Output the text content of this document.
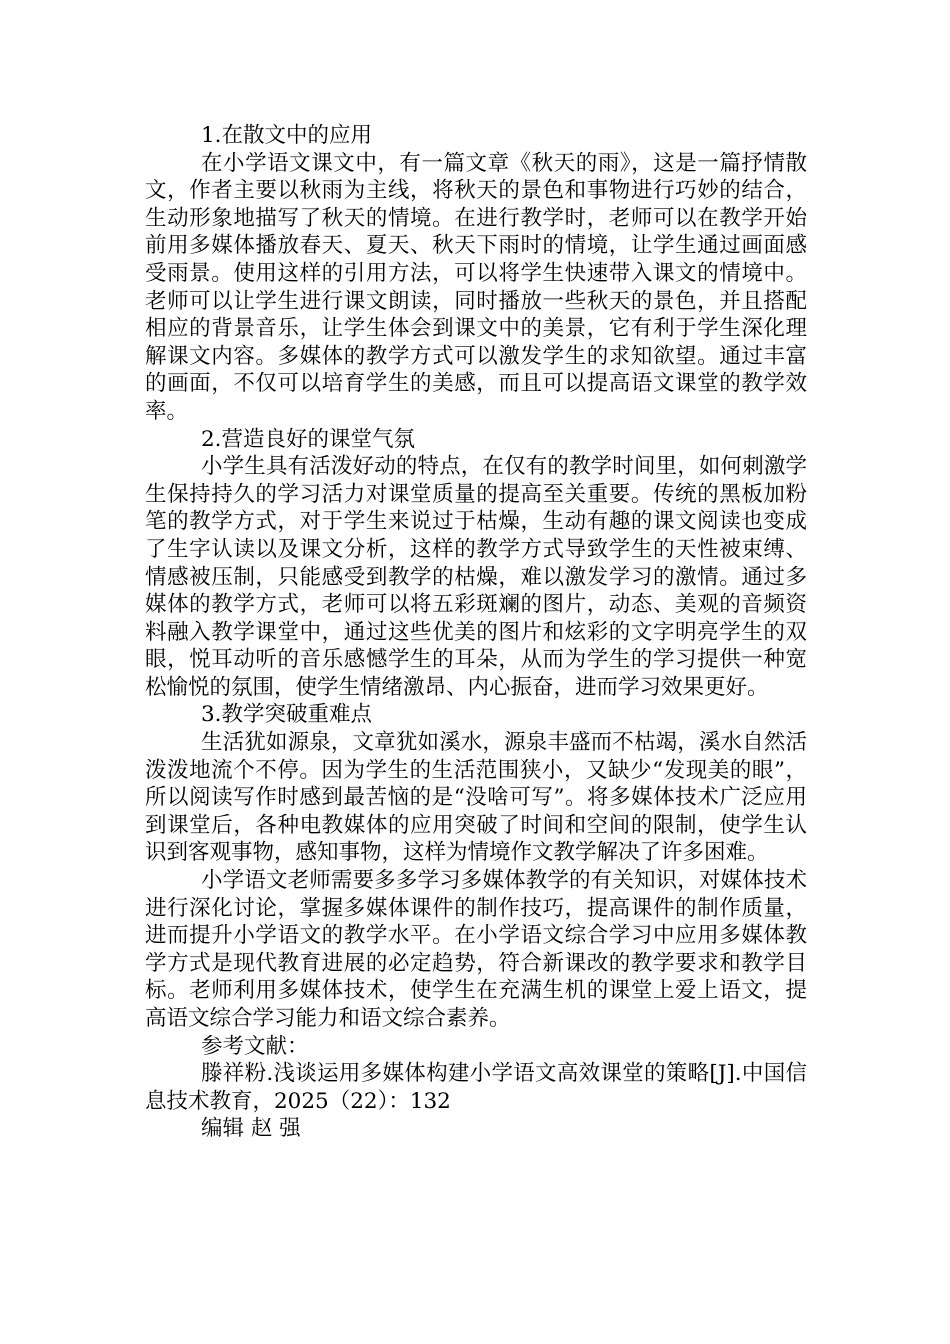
1.在散文中的应用

在小学语文课文中，有一篇文章《秋天的雨》，这是一篇抒情散文，作者主要以秋雨为主线，将秋天的景色和事物进行巧妙的结合，生动形象地描写了秋天的情境。在进行教学时，老师可以在教学开始前用多媒体播放春天、夏天、秋天下雨时的情境，让学生通过画面感受雨景。使用这样的引用方法，可以将学生快速带入课文的情境中。老师可以让学生进行课文朗读，同时播放一些秋天的景色，并且搭配相应的背景音乐，让学生体会到课文中的美景，它有利于学生深化理解课文内容。多媒体的教学方式可以激发学生的求知欲望。通过丰富的画面，不仅可以培育学生的美感，而且可以提高语文课堂的教学效率。

2.营造良好的课堂气氛

小学生具有活泼好动的特点，在仅有的教学时间里，如何刺激学生保持持久的学习活力对课堂质量的提高至关重要。传统的黑板加粉笔的教学方式，对于学生来说过于枯燥，生动有趣的课文阅读也变成了生字认读以及课文分析，这样的教学方式导致学生的天性被束缚、情感被压制，只能感受到教学的枯燥，难以激发学习的激情。通过多媒体的教学方式，老师可以将五彩斑斓的图片，动态、美观的音频资料融入教学课堂中，通过这些优美的图片和炫彩的文字明亮学生的双眼，悦耳动听的音乐感憾学生的耳朵，从而为学生的学习提供一种宽松愉悦的氛围，使学生情绪激昂、内心振奋，进而学习效果更好。

3.教学突破重难点

生活犹如源泉，文章犹如溪水，源泉丰盛而不枯竭，溪水自然活泼泼地流个不停。因为学生的生活范围狭小，又缺少“发现美的眼”，所以阅读写作时感到最苦恼的是“没啥可写”。将多媒体技术广泛应用到课堂后，各种电教媒体的应用突破了时间和空间的限制，使学生认识到客观事物，感知事物，这样为情境作文教学解决了许多困难。

小学语文老师需要多多学习多媒体教学的有关知识，对媒体技术进行深化讨论，掌握多媒体课件的制作技巧，提高课件的制作质量，进而提升小学语文的教学水平。在小学语文综合学习中应用多媒体教学方式是现代教育进展的必定趋势，符合新课改的教学要求和教学目标。老师利用多媒体技术，使学生在充满生机的课堂上爱上语文，提高语文综合学习能力和语文综合素养。

参考文献：

滕祥粉.浅谈运用多媒体构建小学语文高效课堂的策略[J].中国信息技术教育，2025（22）：132

编辑 赵 强
